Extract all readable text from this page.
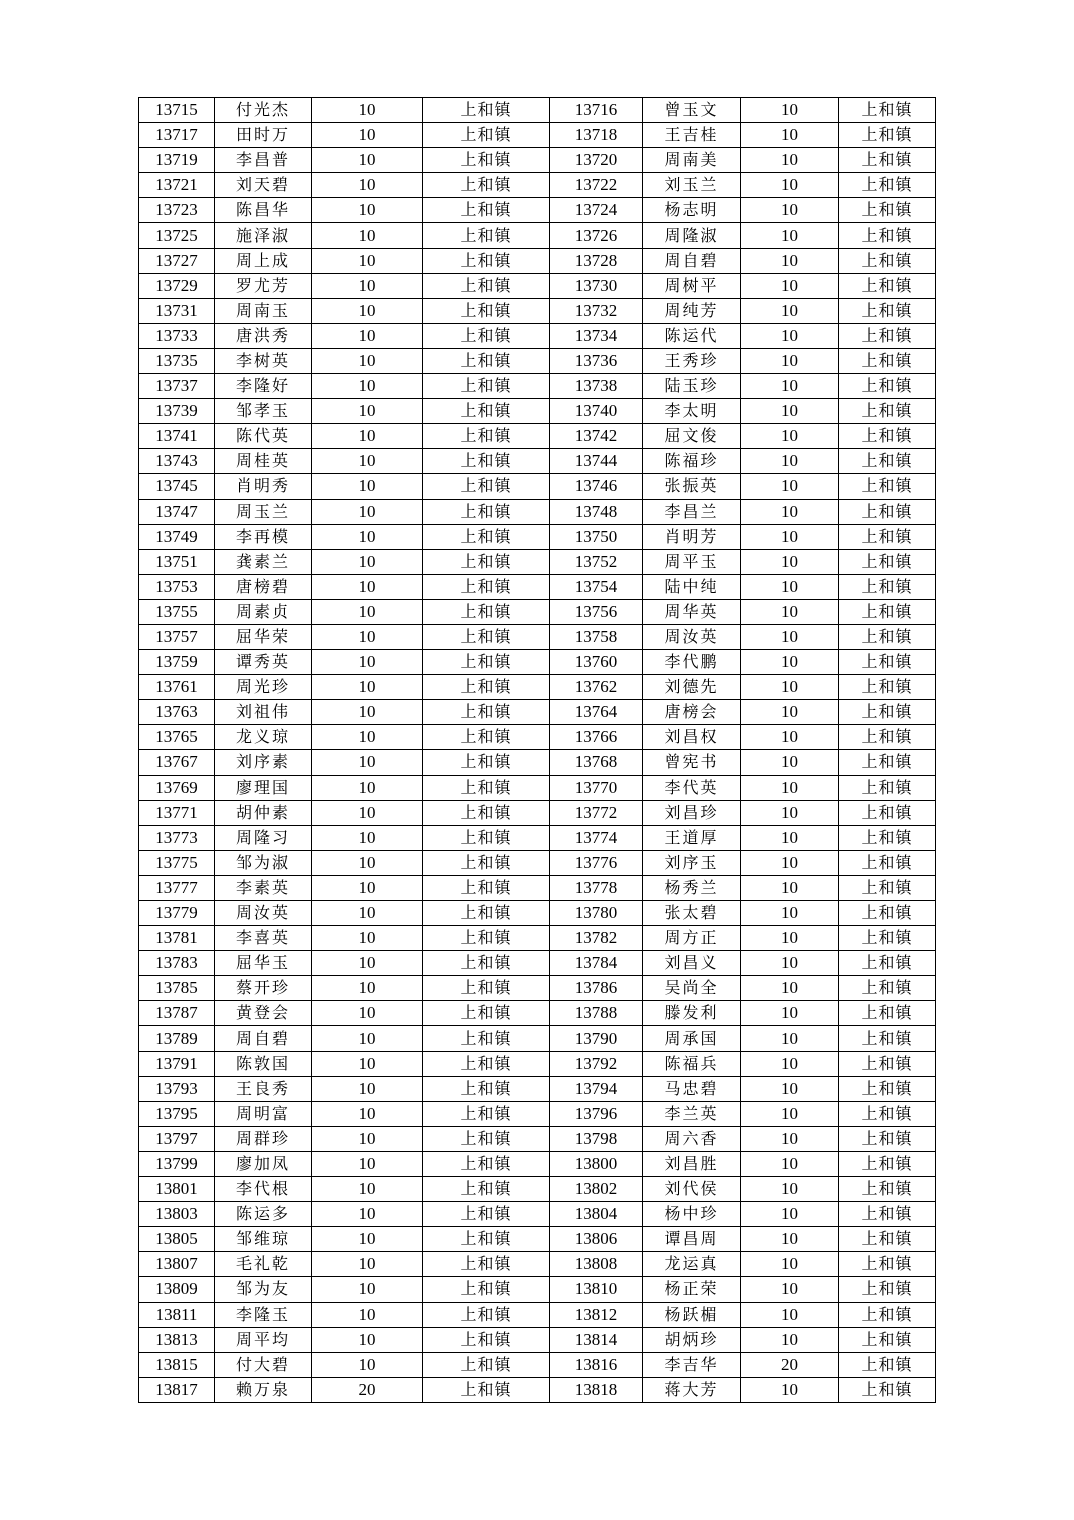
13715	付光杰	10	上和镇	13716	曾玉文	10	上和镇
13717	田时万	10	上和镇	13718	王吉桂	10	上和镇
13719	李昌普	10	上和镇	13720	周南美	10	上和镇
13721	刘天碧	10	上和镇	13722	刘玉兰	10	上和镇
13723	陈昌华	10	上和镇	13724	杨志明	10	上和镇
13725	施泽淑	10	上和镇	13726	周隆淑	10	上和镇
13727	周上成	10	上和镇	13728	周自碧	10	上和镇
13729	罗尤芳	10	上和镇	13730	周树平	10	上和镇
13731	周南玉	10	上和镇	13732	周纯芳	10	上和镇
13733	唐洪秀	10	上和镇	13734	陈运代	10	上和镇
13735	李树英	10	上和镇	13736	王秀珍	10	上和镇
13737	李隆好	10	上和镇	13738	陆玉珍	10	上和镇
13739	邹孝玉	10	上和镇	13740	李太明	10	上和镇
13741	陈代英	10	上和镇	13742	屈文俊	10	上和镇
13743	周桂英	10	上和镇	13744	陈福珍	10	上和镇
13745	肖明秀	10	上和镇	13746	张振英	10	上和镇
13747	周玉兰	10	上和镇	13748	李昌兰	10	上和镇
13749	李再模	10	上和镇	13750	肖明芳	10	上和镇
13751	龚素兰	10	上和镇	13752	周平玉	10	上和镇
13753	唐榜碧	10	上和镇	13754	陆中纯	10	上和镇
13755	周素贞	10	上和镇	13756	周华英	10	上和镇
13757	屈华荣	10	上和镇	13758	周汝英	10	上和镇
13759	谭秀英	10	上和镇	13760	李代鹏	10	上和镇
13761	周光珍	10	上和镇	13762	刘德先	10	上和镇
13763	刘祖伟	10	上和镇	13764	唐榜会	10	上和镇
13765	龙义琼	10	上和镇	13766	刘昌权	10	上和镇
13767	刘序素	10	上和镇	13768	曾宪书	10	上和镇
13769	廖理国	10	上和镇	13770	李代英	10	上和镇
13771	胡仲素	10	上和镇	13772	刘昌珍	10	上和镇
13773	周隆习	10	上和镇	13774	王道厚	10	上和镇
13775	邹为淑	10	上和镇	13776	刘序玉	10	上和镇
13777	李素英	10	上和镇	13778	杨秀兰	10	上和镇
13779	周汝英	10	上和镇	13780	张太碧	10	上和镇
13781	李喜英	10	上和镇	13782	周方正	10	上和镇
13783	屈华玉	10	上和镇	13784	刘昌义	10	上和镇
13785	蔡开珍	10	上和镇	13786	吴尚全	10	上和镇
13787	黄登会	10	上和镇	13788	滕发利	10	上和镇
13789	周自碧	10	上和镇	13790	周承国	10	上和镇
13791	陈敦国	10	上和镇	13792	陈福兵	10	上和镇
13793	王良秀	10	上和镇	13794	马忠碧	10	上和镇
13795	周明富	10	上和镇	13796	李兰英	10	上和镇
13797	周群珍	10	上和镇	13798	周六香	10	上和镇
13799	廖加凤	10	上和镇	13800	刘昌胜	10	上和镇
13801	李代根	10	上和镇	13802	刘代侯	10	上和镇
13803	陈运多	10	上和镇	13804	杨中珍	10	上和镇
13805	邹维琼	10	上和镇	13806	谭昌周	10	上和镇
13807	毛礼乾	10	上和镇	13808	龙运真	10	上和镇
13809	邹为友	10	上和镇	13810	杨正荣	10	上和镇
13811	李隆玉	10	上和镇	13812	杨跃楣	10	上和镇
13813	周平均	10	上和镇	13814	胡炳珍	10	上和镇
13815	付大碧	10	上和镇	13816	李吉华	20	上和镇
13817	赖万泉	20	上和镇	13818	蒋大芳	10	上和镇
